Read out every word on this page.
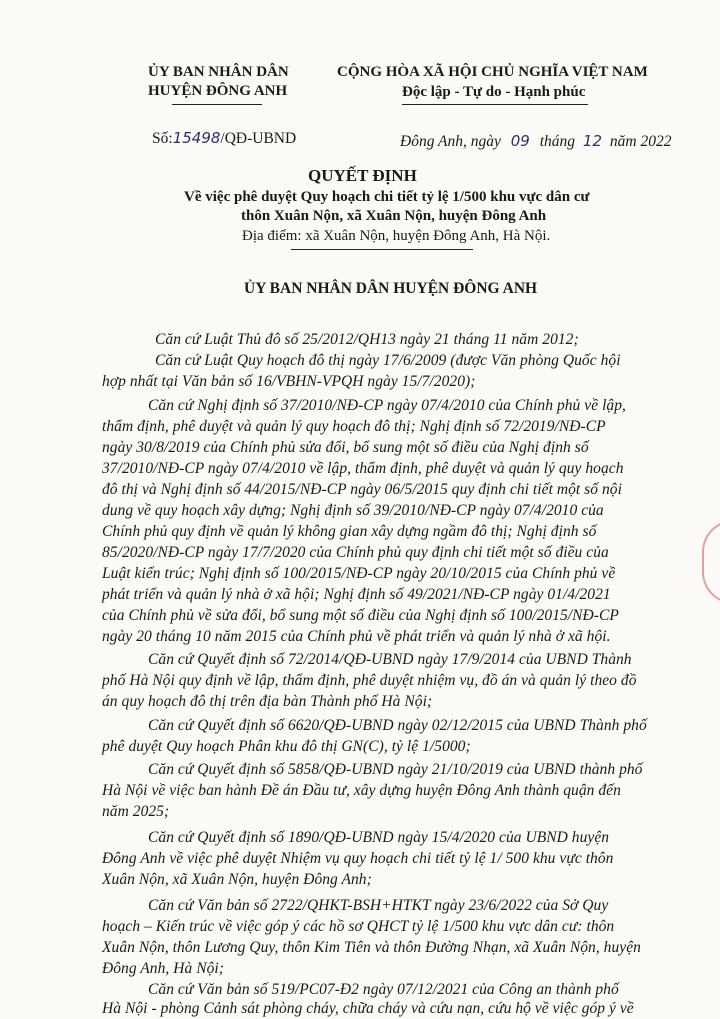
ỦY BAN NHÂN DÂN
HUYỆN ĐÔNG ANH
CỘNG HÒA XÃ HỘI CHỦ NGHĨA VIỆT NAM
Độc lập - Tự do - Hạnh phúc
Số:15498/QĐ-UBND	Đông Anh, ngày 09 tháng 12 năm 2022
QUYẾT ĐỊNH
Về việc phê duyệt Quy hoạch chi tiết tỷ lệ 1/500 khu vực dân cư
thôn Xuân Nộn, xã Xuân Nộn, huyện Đông Anh
Địa điểm: xã Xuân Nộn, huyện Đông Anh, Hà Nội.
ỦY BAN NHÂN DÂN HUYỆN ĐÔNG ANH
Căn cứ Luật Thủ đô số 25/2012/QH13 ngày 21 tháng 11 năm 2012;
Căn cứ Luật Quy hoạch đô thị ngày 17/6/2009 (được Văn phòng Quốc hội
hợp nhất tại Văn bản số 16/VBHN-VPQH ngày 15/7/2020);
Căn cứ Nghị định số 37/2010/NĐ-CP ngày 07/4/2010 của Chính phủ về lập,
thẩm định, phê duyệt và quản lý quy hoạch đô thị; Nghị định số 72/2019/NĐ-CP
ngày 30/8/2019 của Chính phủ sửa đổi, bổ sung một số điều của Nghị định số
37/2010/NĐ-CP ngày 07/4/2010 về lập, thẩm định, phê duyệt và quản lý quy hoạch
đô thị và Nghị định số 44/2015/NĐ-CP ngày 06/5/2015 quy định chi tiết một số nội
dung về quy hoạch xây dựng; Nghị định số 39/2010/NĐ-CP ngày 07/4/2010 của
Chính phủ quy định về quản lý không gian xây dựng ngầm đô thị; Nghị định số
85/2020/NĐ-CP ngày 17/7/2020 của Chính phủ quy định chi tiết một số điều của
Luật kiến trúc; Nghị định số 100/2015/NĐ-CP ngày 20/10/2015 của Chính phủ về
phát triển và quản lý nhà ở xã hội; Nghị định số 49/2021/NĐ-CP ngày 01/4/2021
của Chính phủ về sửa đổi, bổ sung một số điều của Nghị định số 100/2015/NĐ-CP
ngày 20 tháng 10 năm 2015 của Chính phủ về phát triển và quản lý nhà ở xã hội.
Căn cứ Quyết định số 72/2014/QĐ-UBND ngày 17/9/2014 của UBND Thành
phố Hà Nội quy định về lập, thẩm định, phê duyệt nhiệm vụ, đồ án và quản lý theo đồ
án quy hoạch đô thị trên địa bàn Thành phố Hà Nội;
Căn cứ Quyết định số 6620/QĐ-UBND ngày 02/12/2015 của UBND Thành phố
phê duyệt Quy hoạch Phân khu đô thị GN(C), tỷ lệ 1/5000;
Căn cứ Quyết định số 5858/QĐ-UBND ngày 21/10/2019 của UBND thành phố
Hà Nội về việc ban hành Đề án Đầu tư, xây dựng huyện Đông Anh thành quận đến
năm 2025;
Căn cứ Quyết định số 1890/QĐ-UBND ngày 15/4/2020 của UBND huyện
Đông Anh về việc phê duyệt Nhiệm vụ quy hoạch chi tiết tỷ lệ 1/ 500 khu vực thôn
Xuân Nộn, xã Xuân Nộn, huyện Đông Anh;
Căn cứ Văn bản số 2722/QHKT-BSH+HTKT ngày 23/6/2022 của Sở Quy
hoạch – Kiến trúc về việc góp ý các hồ sơ QHCT tỷ lệ 1/500 khu vực dân cư: thôn
Xuân Nộn, thôn Lương Quy, thôn Kim Tiên và thôn Đường Nhạn, xã Xuân Nộn, huyện
Đông Anh, Hà Nội;
Căn cứ Văn bản số 519/PC07-Đ2 ngày 07/12/2021 của Công an thành phố
Hà Nội - phòng Cảnh sát phòng cháy, chữa cháy và cứu nạn, cứu hộ về việc góp ý về
